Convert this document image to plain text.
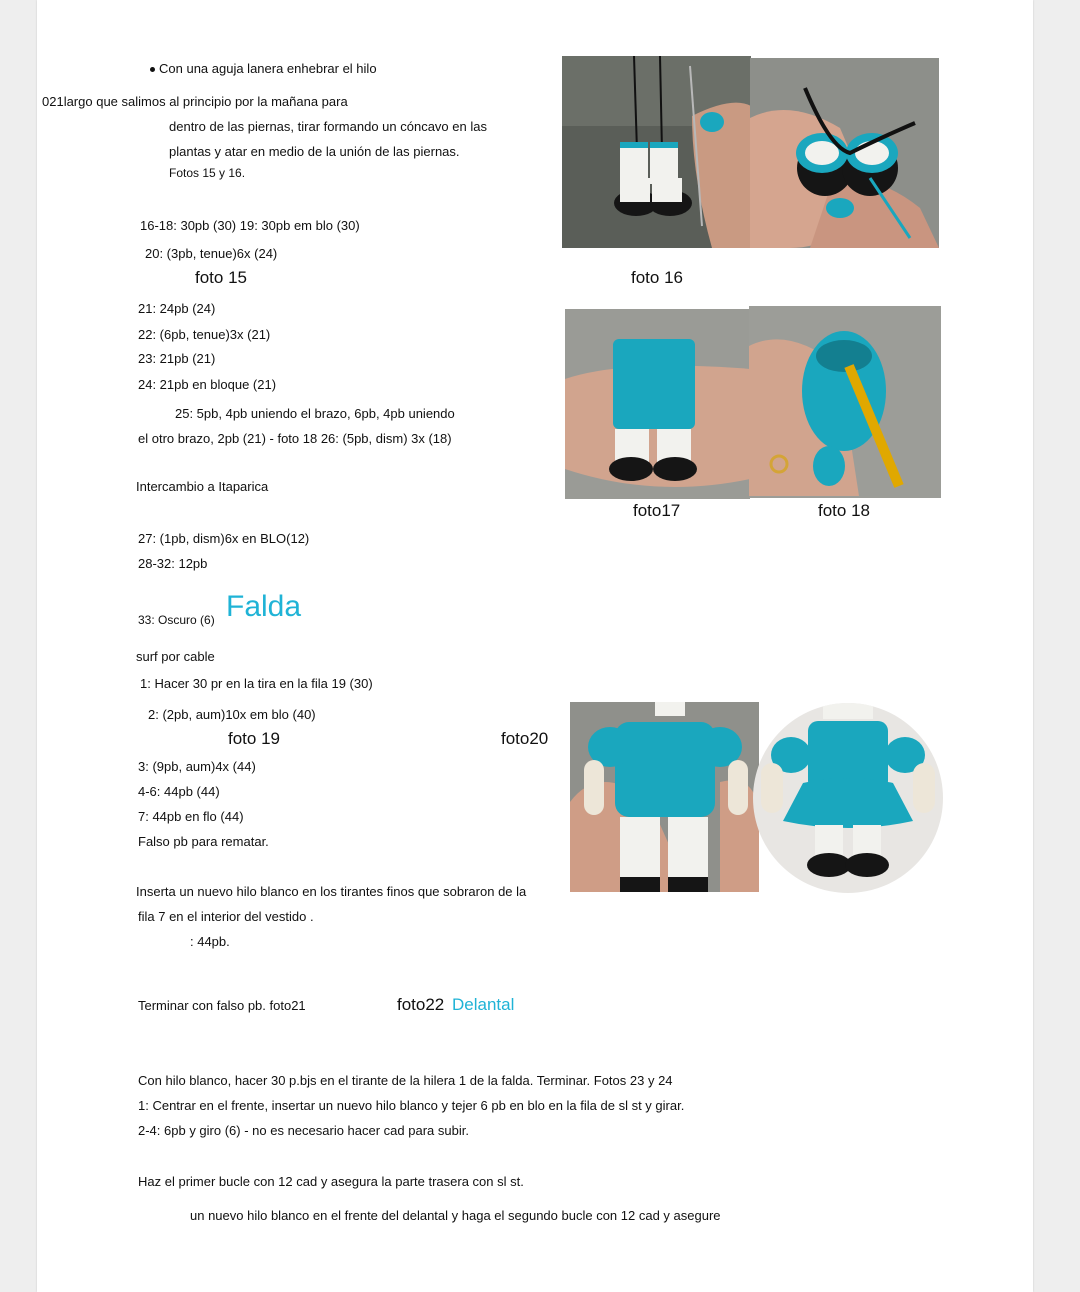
Con una aguja lanera enhebrar el hilo
021largo que salimos al principio por la mañana para
dentro de las piernas, tirar formando un cóncavo en las
plantas y atar en medio de la unión de las piernas.
Fotos 15 y 16.
16-18: 30pb (30) 19: 30pb em blo (30)
20: (3pb, tenue)6x (24)
foto 15	foto 16
21: 24pb (24)
22: (6pb, tenue)3x (21)
23: 21pb (21)
24: 21pb en bloque (21)
25: 5pb, 4pb uniendo el brazo, 6pb, 4pb uniendo
el otro brazo, 2pb (21) - foto 18 26: (5pb, dism) 3x (18)
Intercambio a Itaparica
foto17	foto 18
27: (1pb, dism)6x en BLO(12)
28-32: 12pb
33: Oscuro (6) Falda
surf por cable
1: Hacer 30 pr en la tira en la fila 19 (30)
2: (2pb, aum)10x em blo (40)
foto 19	foto20
3: (9pb, aum)4x (44)
4-6: 44pb (44)
7: 44pb en flo (44)
Falso pb para rematar.
Inserta un nuevo hilo blanco en los tirantes finos que sobraron de la
fila 7 en el interior del vestido .
: 44pb.
Terminar con falso pb. foto21	foto22 Delantal
Con hilo blanco, hacer 30 p.bjs en el tirante de la hilera 1 de la falda. Terminar. Fotos 23 y 24
1: Centrar en el frente, insertar un nuevo hilo blanco y tejer 6 pb en blo en la fila de sl st y girar.
2-4: 6pb y giro (6) - no es necesario hacer cad para subir.
Haz el primer bucle con 12 cad y asegura la parte trasera con sl st.
un nuevo hilo blanco en el frente del delantal y haga el segundo bucle con 12 cad y asegure
